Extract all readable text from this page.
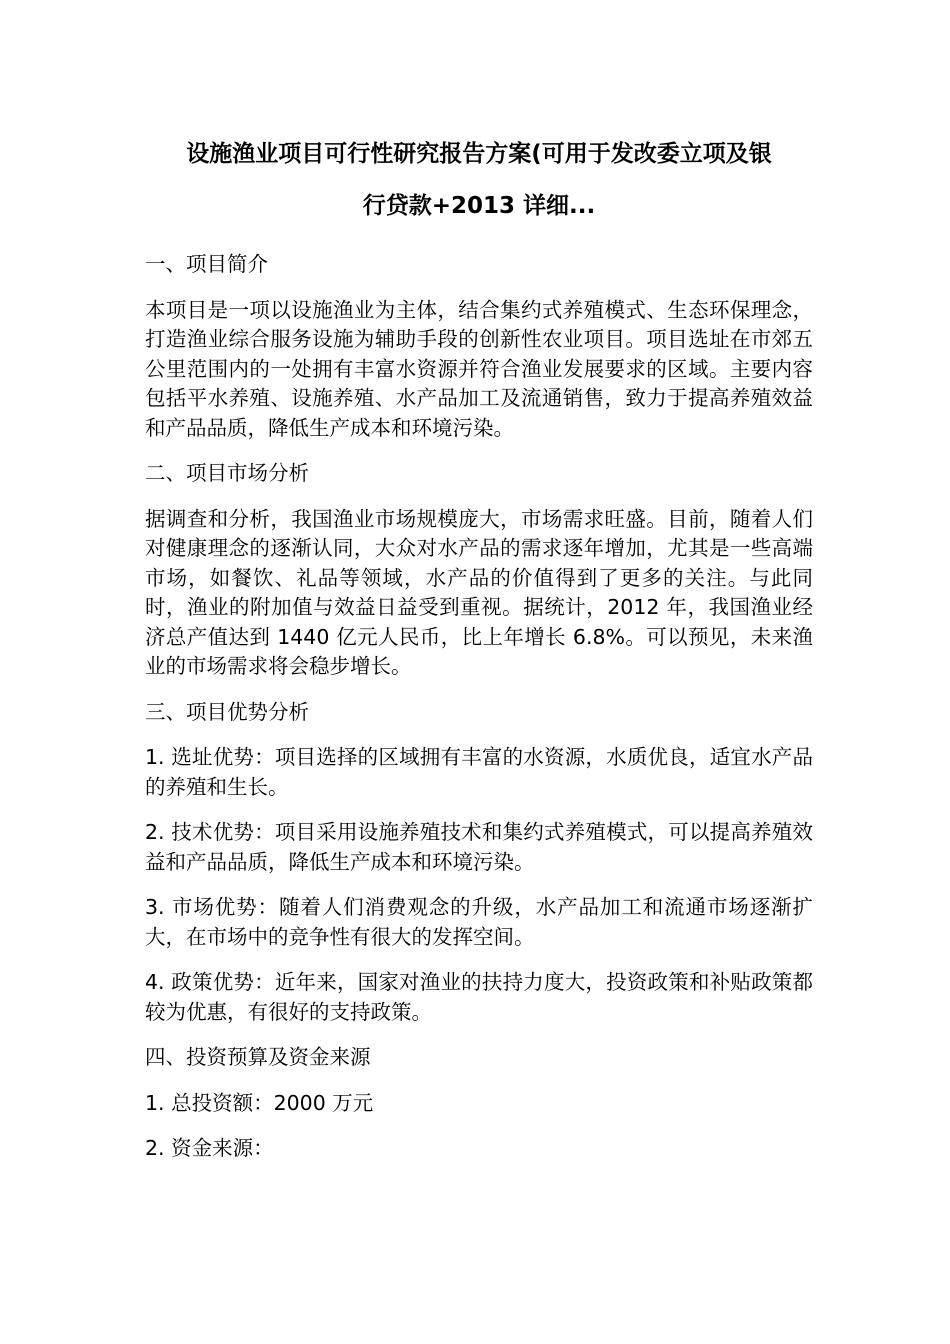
设施渔业项目可行性研究报告方案(可用于发改委立项及银
行贷款+2013 详细...

一、项目简介

本项目是一项以设施渔业为主体，结合集约式养殖模式、生态环保理念，打造渔业综合服务设施为辅助手段的创新性农业项目。项目选址在市郊五公里范围内的一处拥有丰富水资源并符合渔业发展要求的区域。主要内容包括平水养殖、设施养殖、水产品加工及流通销售，致力于提高养殖效益和产品品质，降低生产成本和环境污染。

二、项目市场分析

据调查和分析，我国渔业市场规模庞大，市场需求旺盛。目前，随着人们对健康理念的逐渐认同，大众对水产品的需求逐年增加，尤其是一些高端市场，如餐饮、礼品等领域，水产品的价值得到了更多的关注。与此同时，渔业的附加值与效益日益受到重视。据统计，2012 年，我国渔业经济总产值达到 1440 亿元人民币，比上年增长 6.8%。可以预见，未来渔业的市场需求将会稳步增长。

三、项目优势分析

1. 选址优势：项目选择的区域拥有丰富的水资源，水质优良，适宜水产品的养殖和生长。

2. 技术优势：项目采用设施养殖技术和集约式养殖模式，可以提高养殖效益和产品品质，降低生产成本和环境污染。

3. 市场优势：随着人们消费观念的升级，水产品加工和流通市场逐渐扩大，在市场中的竞争性有很大的发挥空间。

4. 政策优势：近年来，国家对渔业的扶持力度大，投资政策和补贴政策都较为优惠，有很好的支持政策。

四、投资预算及资金来源

1. 总投资额：2000 万元

2. 资金来源：
